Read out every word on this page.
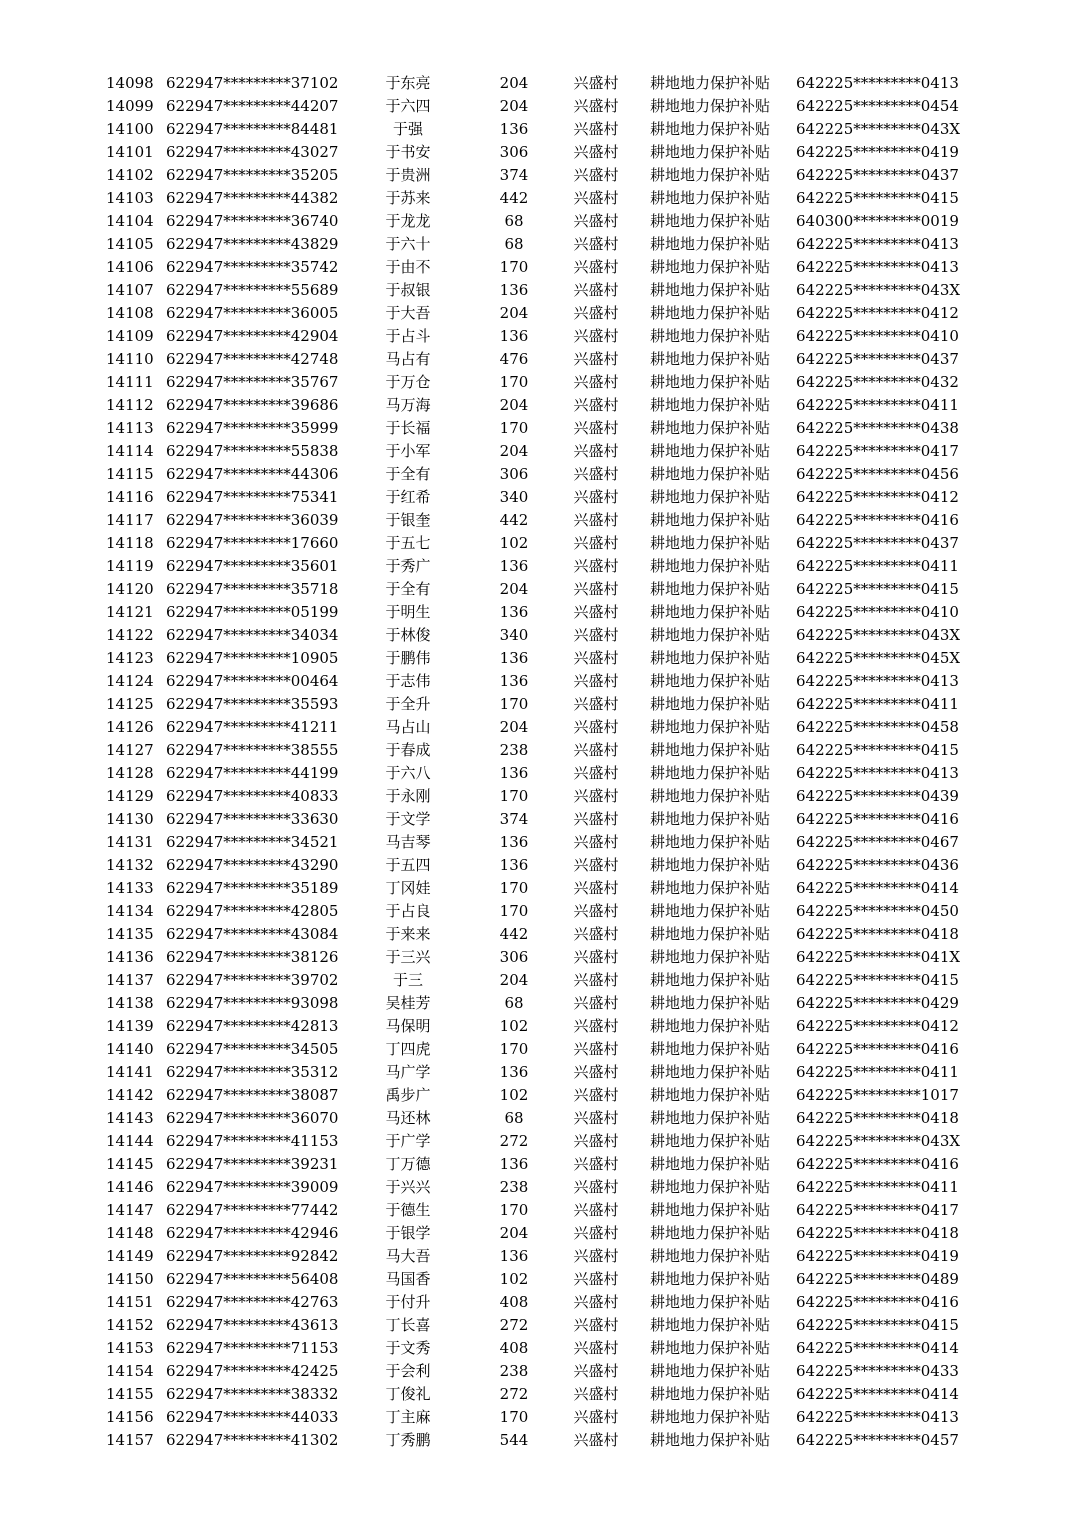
14098 622947*********37102	于东亮	204	兴盛村	耕地地力保护补贴	642225*********0413
14099 622947*********44207	于六四	204	兴盛村	耕地地力保护补贴	642225*********0454
14100 622947*********84481	于强	136	兴盛村	耕地地力保护补贴	642225*********043X
14101 622947*********43027	于书安	306	兴盛村	耕地地力保护补贴	642225*********0419
14102 622947*********35205	于贵洲	374	兴盛村	耕地地力保护补贴	642225*********0437
14103 622947*********44382	于苏来	442	兴盛村	耕地地力保护补贴	642225*********0415
14104 622947*********36740	于龙龙	68	兴盛村	耕地地力保护补贴	640300*********0019
14105 622947*********43829	于六十	68	兴盛村	耕地地力保护补贴	642225*********0413
14106 622947*********35742	于由不	170	兴盛村	耕地地力保护补贴	642225*********0413
14107 622947*********55689	于叔银	136	兴盛村	耕地地力保护补贴	642225*********043X
14108 622947*********36005	于大吾	204	兴盛村	耕地地力保护补贴	642225*********0412
14109 622947*********42904	于占斗	136	兴盛村	耕地地力保护补贴	642225*********0410
14110 622947*********42748	马占有	476	兴盛村	耕地地力保护补贴	642225*********0437
14111 622947*********35767	于万仓	170	兴盛村	耕地地力保护补贴	642225*********0432
14112 622947*********39686	马万海	204	兴盛村	耕地地力保护补贴	642225*********0411
14113 622947*********35999	于长福	170	兴盛村	耕地地力保护补贴	642225*********0438
14114 622947*********55838	于小军	204	兴盛村	耕地地力保护补贴	642225*********0417
14115 622947*********44306	于全有	306	兴盛村	耕地地力保护补贴	642225*********0456
14116 622947*********75341	于红希	340	兴盛村	耕地地力保护补贴	642225*********0412
14117 622947*********36039	于银奎	442	兴盛村	耕地地力保护补贴	642225*********0416
14118 622947*********17660	于五七	102	兴盛村	耕地地力保护补贴	642225*********0437
14119 622947*********35601	于秀广	136	兴盛村	耕地地力保护补贴	642225*********0411
14120 622947*********35718	于全有	204	兴盛村	耕地地力保护补贴	642225*********0415
14121 622947*********05199	于明生	136	兴盛村	耕地地力保护补贴	642225*********0410
14122 622947*********34034	于林俊	340	兴盛村	耕地地力保护补贴	642225*********043X
14123 622947*********10905	于鹏伟	136	兴盛村	耕地地力保护补贴	642225*********045X
14124 622947*********00464	于志伟	136	兴盛村	耕地地力保护补贴	642225*********0413
14125 622947*********35593	于全升	170	兴盛村	耕地地力保护补贴	642225*********0411
14126 622947*********41211	马占山	204	兴盛村	耕地地力保护补贴	642225*********0458
14127 622947*********38555	于春成	238	兴盛村	耕地地力保护补贴	642225*********0415
14128 622947*********44199	于六八	136	兴盛村	耕地地力保护补贴	642225*********0413
14129 622947*********40833	于永刚	170	兴盛村	耕地地力保护补贴	642225*********0439
14130 622947*********33630	于文学	374	兴盛村	耕地地力保护补贴	642225*********0416
14131 622947*********34521	马吉琴	136	兴盛村	耕地地力保护补贴	642225*********0467
14132 622947*********43290	于五四	136	兴盛村	耕地地力保护补贴	642225*********0436
14133 622947*********35189	丁冈娃	170	兴盛村	耕地地力保护补贴	642225*********0414
14134 622947*********42805	于占良	170	兴盛村	耕地地力保护补贴	642225*********0450
14135 622947*********43084	于来来	442	兴盛村	耕地地力保护补贴	642225*********0418
14136 622947*********38126	于三兴	306	兴盛村	耕地地力保护补贴	642225*********041X
14137 622947*********39702	于三	204	兴盛村	耕地地力保护补贴	642225*********0415
14138 622947*********93098	吴桂芳	68	兴盛村	耕地地力保护补贴	642225*********0429
14139 622947*********42813	马保明	102	兴盛村	耕地地力保护补贴	642225*********0412
14140 622947*********34505	丁四虎	170	兴盛村	耕地地力保护补贴	642225*********0416
14141 622947*********35312	马广学	136	兴盛村	耕地地力保护补贴	642225*********0411
14142 622947*********38087	禹步广	102	兴盛村	耕地地力保护补贴	642225*********1017
14143 622947*********36070	马还林	68	兴盛村	耕地地力保护补贴	642225*********0418
14144 622947*********41153	于广学	272	兴盛村	耕地地力保护补贴	642225*********043X
14145 622947*********39231	丁万德	136	兴盛村	耕地地力保护补贴	642225*********0416
14146 622947*********39009	于兴兴	238	兴盛村	耕地地力保护补贴	642225*********0411
14147 622947*********77442	于德生	170	兴盛村	耕地地力保护补贴	642225*********0417
14148 622947*********42946	于银学	204	兴盛村	耕地地力保护补贴	642225*********0418
14149 622947*********92842	马大吾	136	兴盛村	耕地地力保护补贴	642225*********0419
14150 622947*********56408	马国香	102	兴盛村	耕地地力保护补贴	642225*********0489
14151 622947*********42763	于付升	408	兴盛村	耕地地力保护补贴	642225*********0416
14152 622947*********43613	丁长喜	272	兴盛村	耕地地力保护补贴	642225*********0415
14153 622947*********71153	于文秀	408	兴盛村	耕地地力保护补贴	642225*********0414
14154 622947*********42425	于会利	238	兴盛村	耕地地力保护补贴	642225*********0433
14155 622947*********38332	丁俊礼	272	兴盛村	耕地地力保护补贴	642225*********0414
14156 622947*********44033	丁主麻	170	兴盛村	耕地地力保护补贴	642225*********0413
14157 622947*********41302	丁秀鹏	544	兴盛村	耕地地力保护补贴	642225*********0457
